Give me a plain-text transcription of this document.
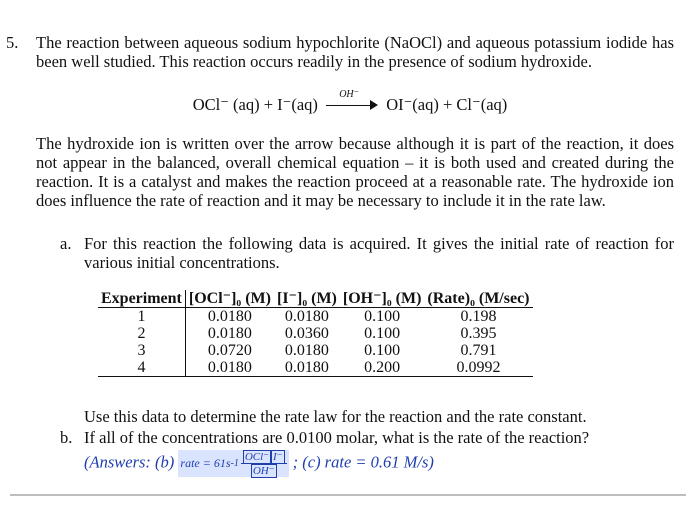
5. The reaction between aqueous sodium hypochlorite (NaOCl) and aqueous potassium iodide has been well studied. This reaction occurs readily in the presence of sodium hydroxide.
OCl⁻ (aq) + I⁻(aq)
OH⁻
OI⁻(aq) + Cl⁻(aq)
The hydroxide ion is written over the arrow because although it is part of the reaction, it does not appear in the balanced, overall chemical equation – it is both used and created during the reaction. It is a catalyst and makes the reaction proceed at a reasonable rate. The hydroxide ion does influence the rate of reaction and it may be necessary to include it in the rate law.
a. For this reaction the following data is acquired. It gives the initial rate of reaction for various initial concentrations.
Experiment	[OCl⁻]₀ (M)	[I⁻]₀ (M)	[OH⁻]₀ (M)	(Rate)₀ (M/sec)
1	0.0180	0.0180	0.100	0.198
2	0.0180	0.0360	0.100	0.395
3	0.0720	0.0180	0.100	0.791
4	0.0180	0.0180	0.200	0.0992
Use this data to determine the rate law for the reaction and the rate constant.
b. If all of the concentrations are 0.0100 molar, what is the rate of the reaction?
(Answers: (b) rate = 61s $-1 \frac{\text{OCl⁻ I⁻}}{OH^-}$ ; (c) rate = 0.61 M/s)
